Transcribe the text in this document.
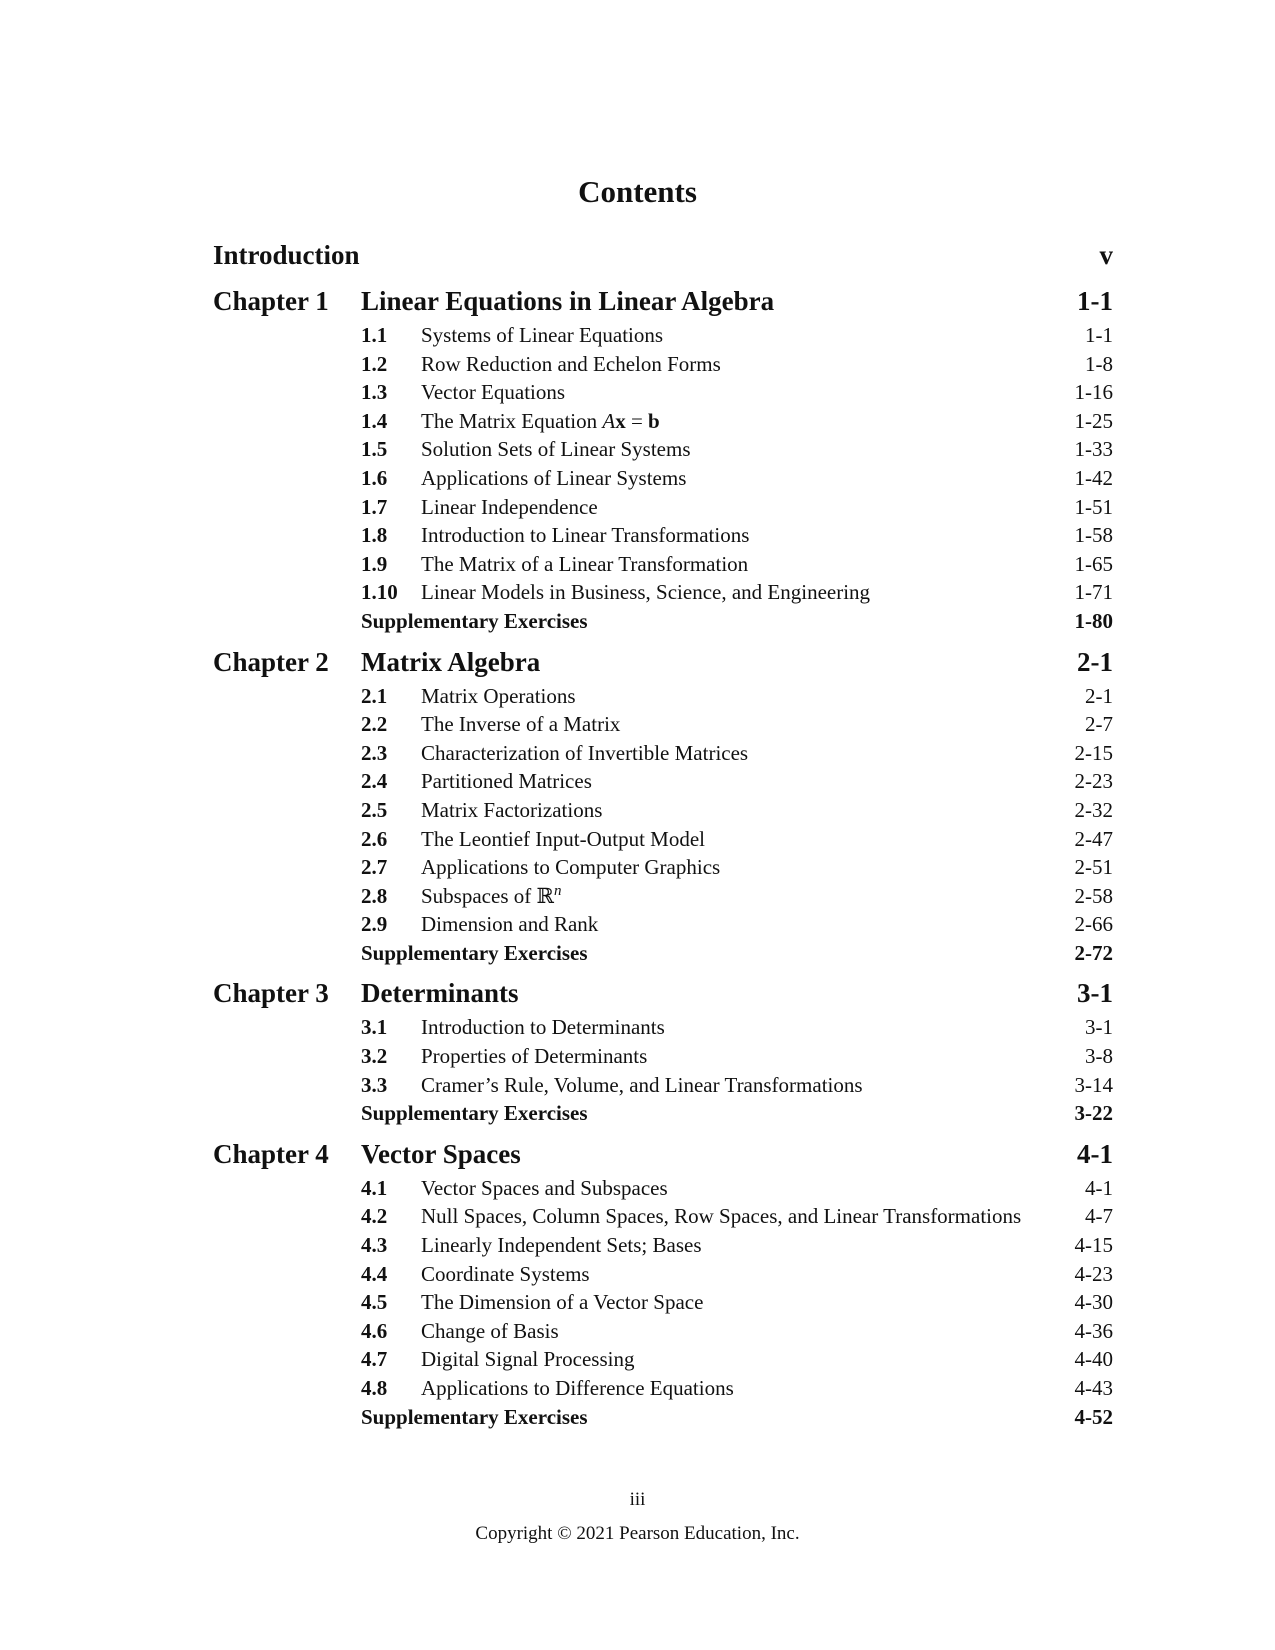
Contents
Introduction	v
Chapter 1 Linear Equations in Linear Algebra	1-1
1.1 Systems of Linear Equations	1-1
1.2 Row Reduction and Echelon Forms	1-8
1.3 Vector Equations	1-16
1.4 The Matrix Equation Ax = b	1-25
1.5 Solution Sets of Linear Systems	1-33
1.6 Applications of Linear Systems	1-42
1.7 Linear Independence	1-51
1.8 Introduction to Linear Transformations	1-58
1.9 The Matrix of a Linear Transformation	1-65
1.10 Linear Models in Business, Science, and Engineering	1-71
Supplementary Exercises	1-80
Chapter 2 Matrix Algebra	2-1
2.1 Matrix Operations	2-1
2.2 The Inverse of a Matrix	2-7
2.3 Characterization of Invertible Matrices	2-15
2.4 Partitioned Matrices	2-23
2.5 Matrix Factorizations	2-32
2.6 The Leontief Input-Output Model	2-47
2.7 Applications to Computer Graphics	2-51
2.8 Subspaces of ℝ$^n$	2-58
2.9 Dimension and Rank	2-66
Supplementary Exercises	2-72
Chapter 3 Determinants	3-1
3.1 Introduction to Determinants	3-1
3.2 Properties of Determinants	3-8
3.3 Cramer’s Rule, Volume, and Linear Transformations	3-14
Supplementary Exercises	3-22
Chapter 4 Vector Spaces	4-1
4.1 Vector Spaces and Subspaces	4-1
4.2 Null Spaces, Column Spaces, Row Spaces, and Linear Transformations	4-7
4.3 Linearly Independent Sets; Bases	4-15
4.4 Coordinate Systems	4-23
4.5 The Dimension of a Vector Space	4-30
4.6 Change of Basis	4-36
4.7 Digital Signal Processing	4-40
4.8 Applications to Difference Equations	4-43
Supplementary Exercises	4-52
iii
Copyright © 2021 Pearson Education, Inc.
